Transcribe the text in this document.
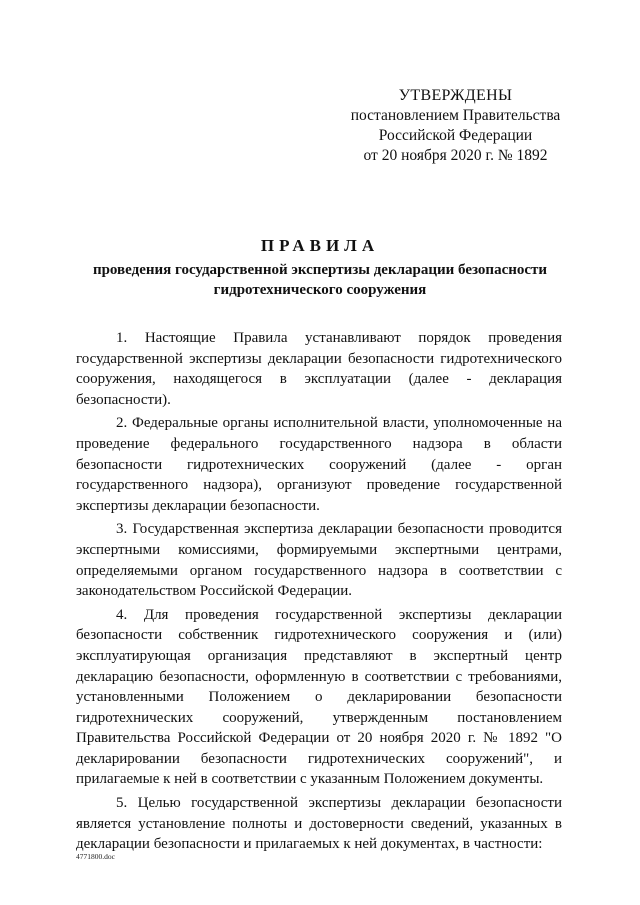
УТВЕРЖДЕНЫ
постановлением Правительства
Российской Федерации
от 20 ноября 2020 г. № 1892
ПРАВИЛА
проведения государственной экспертизы декларации безопасности гидротехнического сооружения

1. Настоящие Правила устанавливают порядок проведения государственной экспертизы декларации безопасности гидротехнического сооружения, находящегося в эксплуатации (далее - декларация безопасности).

2. Федеральные органы исполнительной власти, уполномоченные на проведение федерального государственного надзора в области безопасности гидротехнических сооружений (далее - орган государственного надзора), организуют проведение государственной экспертизы декларации безопасности.

3. Государственная экспертиза декларации безопасности проводится экспертными комиссиями, формируемыми экспертными центрами, определяемыми органом государственного надзора в соответствии с законодательством Российской Федерации.

4. Для проведения государственной экспертизы декларации безопасности собственник гидротехнического сооружения и (или) эксплуатирующая организация представляют в экспертный центр декларацию безопасности, оформленную в соответствии с требованиями, установленными Положением о декларировании безопасности гидротехнических сооружений, утвержденным постановлением Правительства Российской Федерации от 20 ноября 2020 г. № 1892 "О декларировании безопасности гидротехнических сооружений", и прилагаемые к ней в соответствии с указанным Положением документы.

5. Целью государственной экспертизы декларации безопасности является установление полноты и достоверности сведений, указанных в декларации безопасности и прилагаемых к ней документах, в частности:

4771800.doc
